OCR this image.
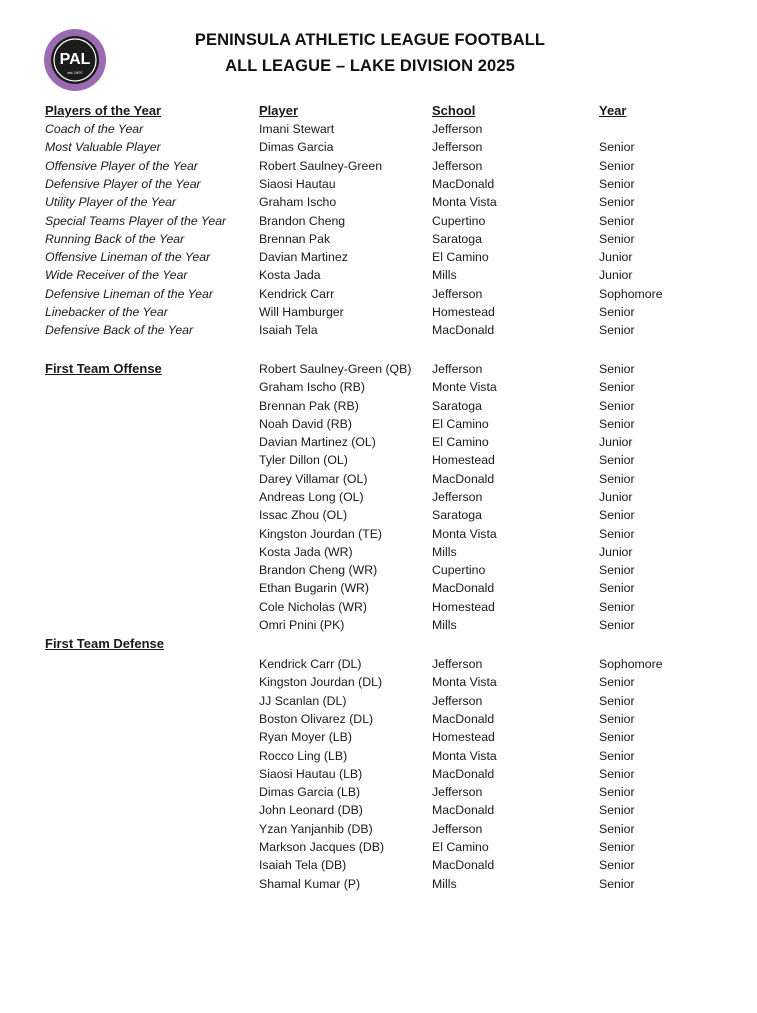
PAL
est 1907
PENINSULA ATHLETIC LEAGUE FOOTBALL
ALL LEAGUE – LAKE DIVISION 2025
Players of the Year	Player	School	Year
Coach of the Year	Imani Stewart	Jefferson
Most Valuable Player	Dimas Garcia	Jefferson	Senior
Offensive Player of the Year	Robert Saulney-Green	Jefferson	Senior
Defensive Player of the Year	Siaosi Hautau	MacDonald	Senior
Utility Player of the Year	Graham Ischo	Monta Vista	Senior
Special Teams Player of the Year	Brandon Cheng	Cupertino	Senior
Running Back of the Year	Brennan Pak	Saratoga	Senior
Offensive Lineman of the Year	Davian Martinez	El Camino	Junior
Wide Receiver of the Year	Kosta Jada	Mills	Junior
Defensive Lineman of the Year	Kendrick Carr	Jefferson	Sophomore
Linebacker of the Year	Will Hamburger	Homestead	Senior
Defensive Back of the Year	Isaiah Tela	MacDonald	Senior
First Team Offense	Robert Saulney-Green (QB) Jefferson	Senior
Graham Ischo (RB)	Monte Vista	Senior
Brennan Pak (RB)	Saratoga	Senior
Noah David (RB)	El Camino	Senior
Davian Martinez (OL)	El Camino	Junior
Tyler Dillon (OL)	Homestead	Senior
Darey Villamar (OL)	MacDonald	Senior
Andreas Long (OL)	Jefferson	Junior
Issac Zhou (OL)	Saratoga	Senior
Kingston Jourdan (TE)	Monta Vista	Senior
Kosta Jada (WR)	Mills	Junior
Brandon Cheng (WR)	Cupertino	Senior
Ethan Bugarin (WR)	MacDonald	Senior
Cole Nicholas (WR)	Homestead	Senior
Omri Pnini (PK)	Mills	Senior
First Team Defense
Kendrick Carr (DL)	Jefferson	Sophomore
Kingston Jourdan (DL)	Monta Vista	Senior
JJ Scanlan (DL)	Jefferson	Senior
Boston Olivarez (DL)	MacDonald	Senior
Ryan Moyer (LB)	Homestead	Senior
Rocco Ling (LB)	Monta Vista	Senior
Siaosi Hautau (LB)	MacDonald	Senior
Dimas Garcia (LB)	Jefferson	Senior
John Leonard (DB)	MacDonald	Senior
Yzan Yanjanhib (DB)	Jefferson	Senior
Markson Jacques (DB)	El Camino	Senior
Isaiah Tela (DB)	MacDonald	Senior
Shamal Kumar (P)	Mills	Senior
